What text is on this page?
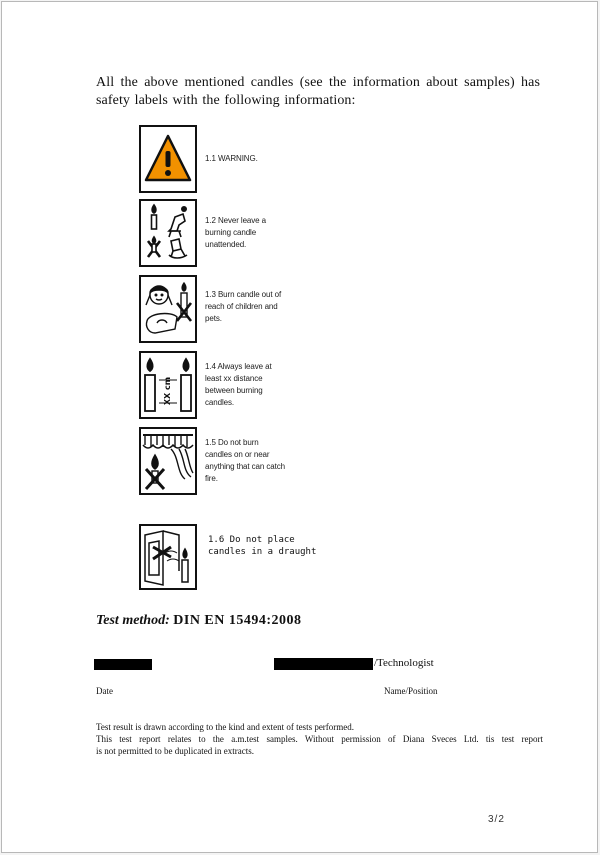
All the above mentioned candles (see the information about samples) has safety labels with the following information:

1.1 WARNING.
1.2 Never leave a
burning candle
unattended.
1.3 Burn candle out of
reach of children and
pets.
XX cm
1.4 Always leave at
least xx distance
between burning
candles.
1.5 Do not burn
candles on or near
anything that can catch
fire.
1.6 Do not place
candles in a draught
Test method: DIN EN 15494:2008
/Technologist
Date	Name/Position
Test result is drawn according to the kind and extent of tests performed.
This test report relates to the a.m.test samples. Without permission of Diana Sveces Ltd. tis test report
is not permitted to be duplicated in extracts.
3/2
